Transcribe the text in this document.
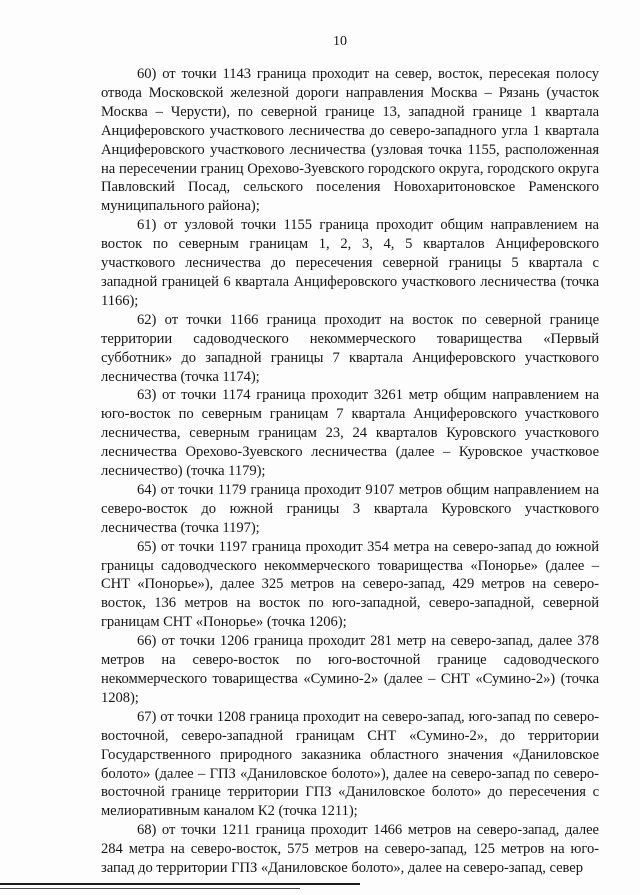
10

60) от точки 1143 граница проходит на север, восток, пересекая полосу отвода Московской железной дороги направления Москва – Рязань (участок Москва – Черусти), по северной границе 13, западной границе 1 квартала Анциферовского участкового лесничества до северо-западного угла 1 квартала Анциферовского участкового лесничества (узловая точка 1155, расположенная на пересечении границ Орехово-Зуевского городского округа, городского округа Павловский Посад, сельского поселения Новохаритоновское Раменского муниципального района);

61) от узловой точки 1155 граница проходит общим направлением на восток по северным границам 1, 2, 3, 4, 5 кварталов Анциферовского участкового лесничества до пересечения северной границы 5 квартала с западной границей 6 квартала Анциферовского участкового лесничества (точка 1166);

62) от точки 1166 граница проходит на восток по северной границе территории садоводческого некоммерческого товарищества «Первый субботник» до западной границы 7 квартала Анциферовского участкового лесничества (точка 1174);

63) от точки 1174 граница проходит 3261 метр общим направлением на юго-восток по северным границам 7 квартала Анциферовского участкового лесничества, северным границам 23, 24 кварталов Куровского участкового лесничества Орехово-Зуевского лесничества (далее – Куровское участковое лесничество) (точка 1179);

64) от точки 1179 граница проходит 9107 метров общим направлением на северо-восток до южной границы 3 квартала Куровского участкового лесничества (точка 1197);

65) от точки 1197 граница проходит 354 метра на северо-запад до южной границы садоводческого некоммерческого товарищества «Понорье» (далее – СНТ «Понорье»), далее 325 метров на северо-запад, 429 метров на северо-восток, 136 метров на восток по юго-западной, северо-западной, северной границам СНТ «Понорье» (точка 1206);

66) от точки 1206 граница проходит 281 метр на северо-запад, далее 378 метров на северо-восток по юго-восточной границе садоводческого некоммерческого товарищества «Сумино-2» (далее – СНТ «Сумино-2») (точка 1208);

67) от точки 1208 граница проходит на северо-запад, юго-запад по северо-восточной, северо-западной границам СНТ «Сумино-2», до территории Государственного природного заказника областного значения «Даниловское болото» (далее – ГПЗ «Даниловское болото»), далее на северо-запад по северо-восточной границе территории ГПЗ «Даниловское болото» до пересечения с мелиоративным каналом К2 (точка 1211);

68) от точки 1211 граница проходит 1466 метров на северо-запад, далее 284 метра на северо-восток, 575 метров на северо-запад, 125 метров на юго-запад до территории ГПЗ «Даниловское болото», далее на северо-запад, север
